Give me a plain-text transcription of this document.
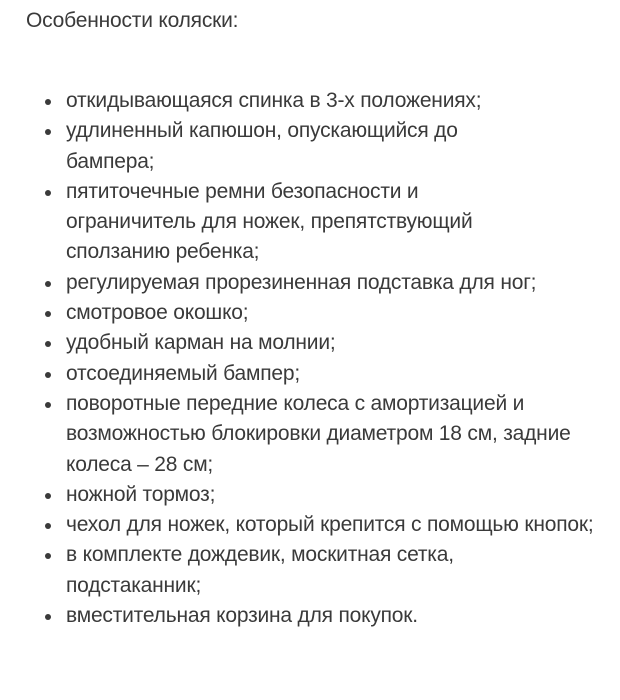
Особенности коляски:

откидывающаяся спинка в 3-х положениях;
удлиненный капюшон, опускающийся до бампера;
пятиточечные ремни безопасности и ограничитель для ножек, препятствующий сползанию ребенка;
регулируемая прорезиненная подставка для ног;
смотровое окошко;
удобный карман на молнии;
отсоединяемый бампер;
поворотные передние колеса с амортизацией и возможностью блокировки диаметром 18 см, задние колеса – 28 см;
ножной тормоз;
чехол для ножек, который крепится с помощью кнопок;
в комплекте дождевик, москитная сетка, подстаканник;
вместительная корзина для покупок.
